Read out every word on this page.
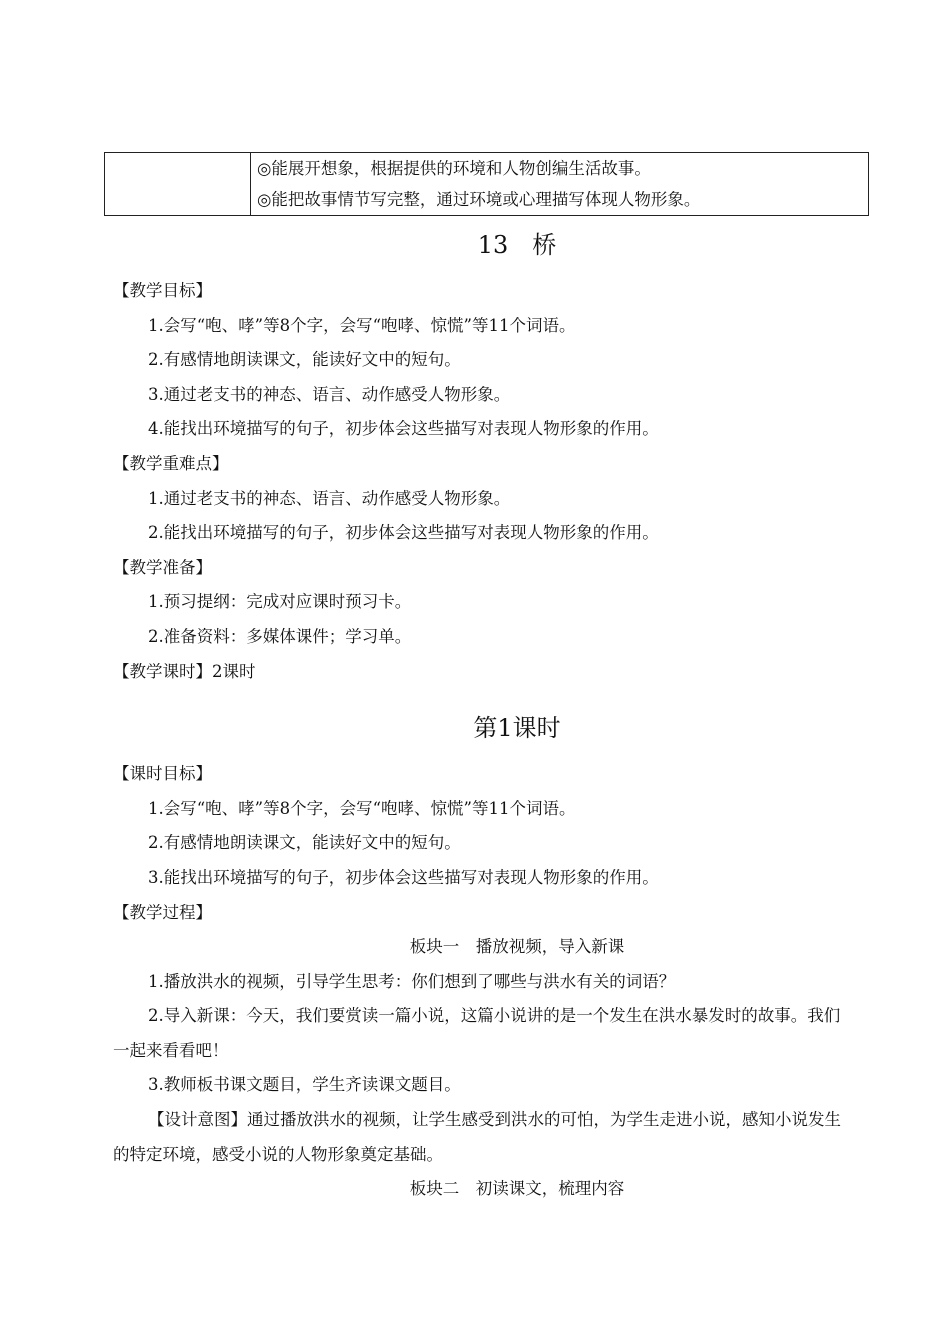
◎能展开想象，根据提供的环境和人物创编生活故事。
◎能把故事情节写完整，通过环境或心理描写体现人物形象。
13　桥
【教学目标】
1.会写“咆、哮”等8个字，会写“咆哮、惊慌”等11个词语。
2.有感情地朗读课文，能读好文中的短句。
3.通过老支书的神态、语言、动作感受人物形象。
4.能找出环境描写的句子，初步体会这些描写对表现人物形象的作用。
【教学重难点】
1.通过老支书的神态、语言、动作感受人物形象。
2.能找出环境描写的句子，初步体会这些描写对表现人物形象的作用。
【教学准备】
1.预习提纲：完成对应课时预习卡。
2.准备资料：多媒体课件；学习单。
【教学课时】2课时
第1课时
【课时目标】
1.会写“咆、哮”等8个字，会写“咆哮、惊慌”等11个词语。
2.有感情地朗读课文，能读好文中的短句。
3.能找出环境描写的句子，初步体会这些描写对表现人物形象的作用。
【教学过程】
板块一　播放视频，导入新课
1.播放洪水的视频，引导学生思考：你们想到了哪些与洪水有关的词语？
2.导入新课：今天，我们要赏读一篇小说，这篇小说讲的是一个发生在洪水暴发时的故事。我们一起来看看吧！
3.教师板书课文题目，学生齐读课文题目。
【设计意图】通过播放洪水的视频，让学生感受到洪水的可怕，为学生走进小说，感知小说发生的特定环境，感受小说的人物形象奠定基础。
板块二　初读课文，梳理内容
